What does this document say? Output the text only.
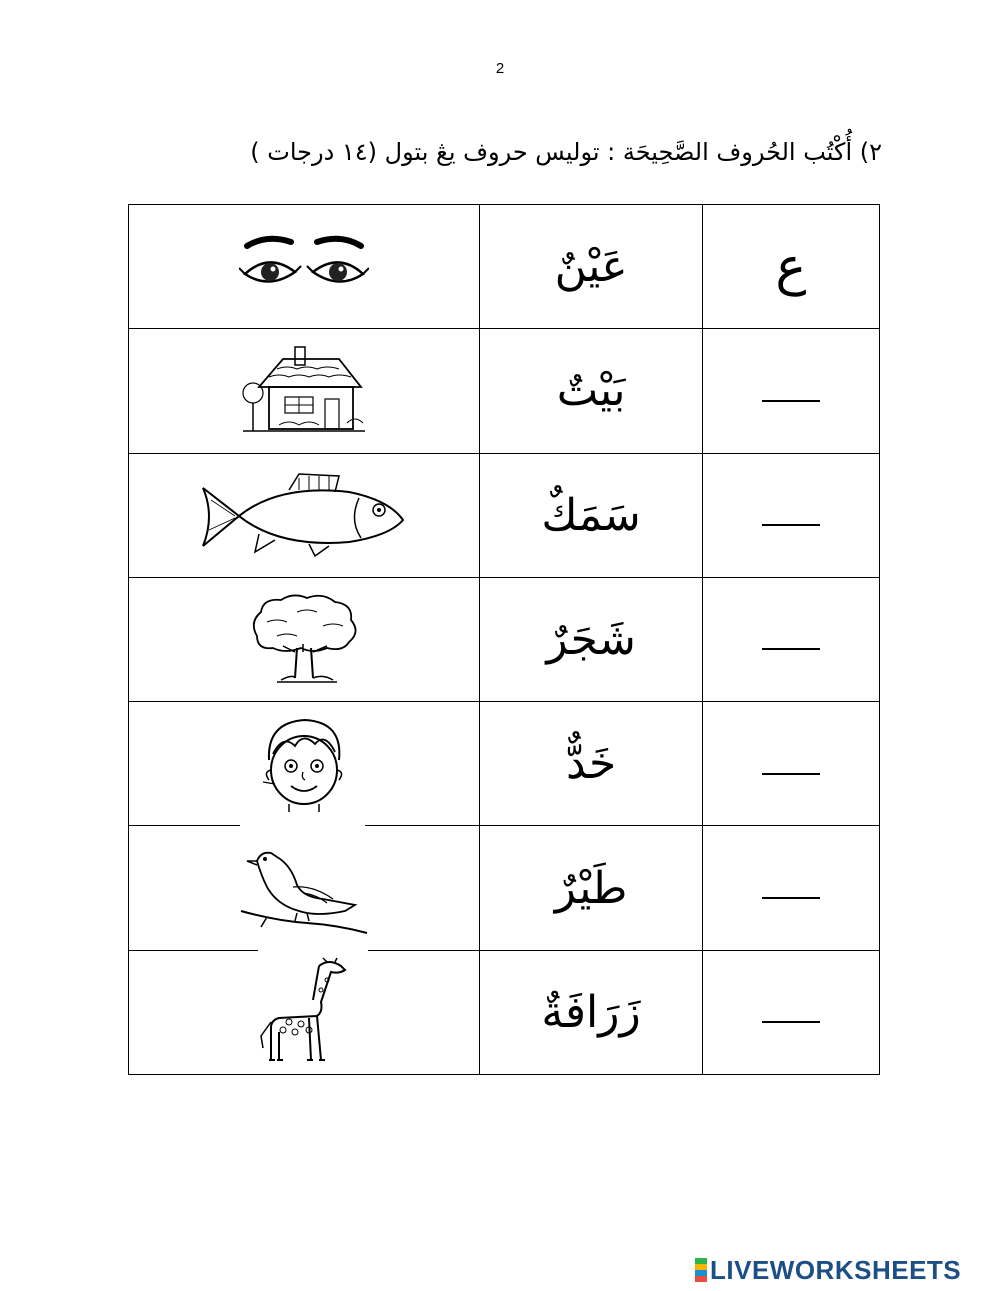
2
٢) أُكْتُب الحُروف الصَّحِيحَة : توليس حروف يڠ بتول (١٤ درجات )
	عَيْنٌ	ع

	بَيْتٌ	

	سَمَكٌ	

	شَجَرٌ	

	خَدٌّ	

	طَيْرٌ	

	زَرَافَةٌ	
LIVEWORKSHEETS
